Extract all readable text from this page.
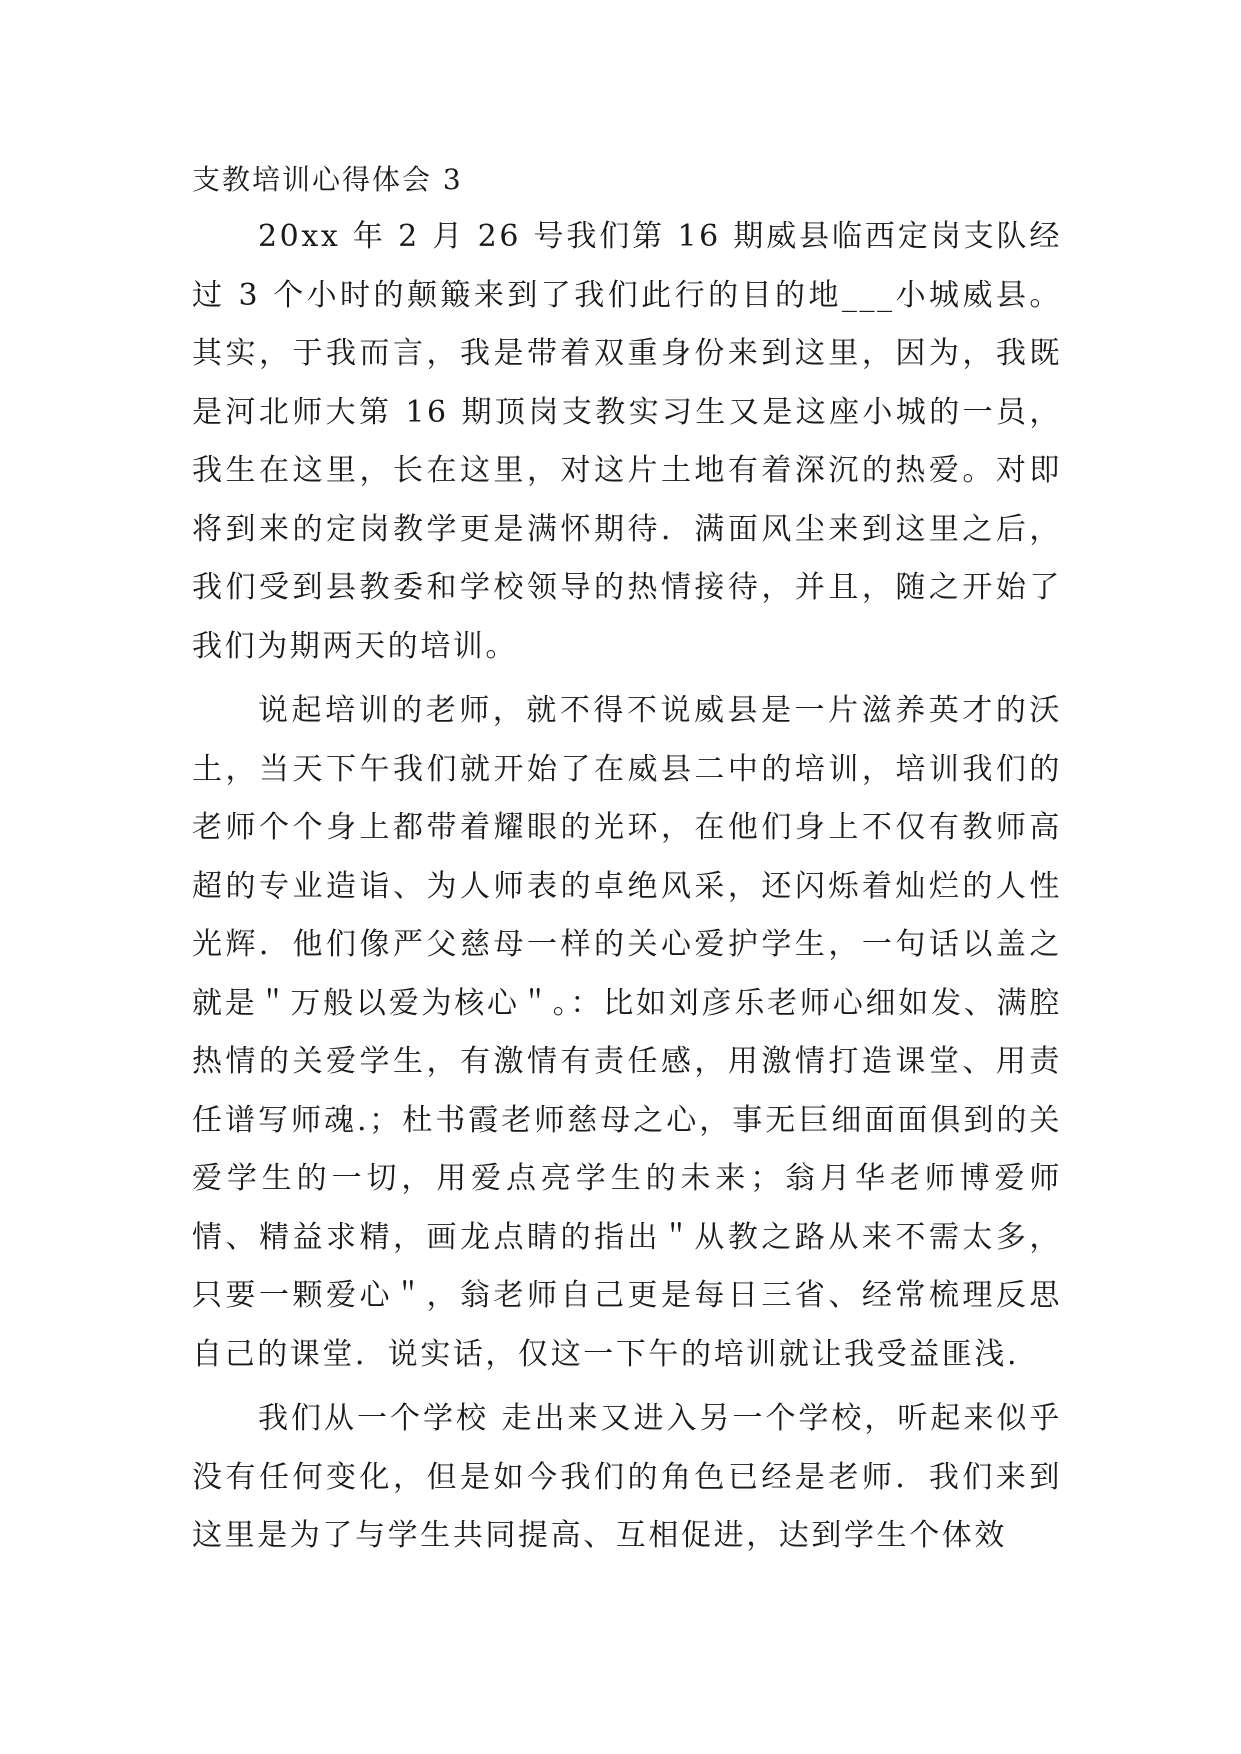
支教培训心得体会 3

20xx 年 2 月 26 号我们第 16 期威县临西定岗支队经过 3 个小时的颠簸来到了我们此行的目的地___小城威县。其实，于我而言，我是带着双重身份来到这里，因为，我既是河北师大第 16 期顶岗支教实习生又是这座小城的一员，我生在这里，长在这里，对这片土地有着深沉的热爱。对即将到来的定岗教学更是满怀期待．满面风尘来到这里之后，我们受到县教委和学校领导的热情接待，并且，随之开始了我们为期两天的培训。

说起培训的老师，就不得不说威县是一片滋养英才的沃土，当天下午我们就开始了在威县二中的培训，培训我们的老师个个身上都带着耀眼的光环，在他们身上不仅有教师高超的专业造诣、为人师表的卓绝风采，还闪烁着灿烂的人性光辉．他们像严父慈母一样的关心爱护学生，一句话以盖之就是＂万般以爱为核心＂。：比如刘彦乐老师心细如发、满腔热情的关爱学生，有激情有责任感，用激情打造课堂、用责任谱写师魂.；杜书霞老师慈母之心，事无巨细面面俱到的关爱学生的一切，用爱点亮学生的未来；翁月华老师博爱师情、精益求精，画龙点睛的指出＂从教之路从来不需太多，只要一颗爱心＂，翁老师自己更是每日三省、经常梳理反思自己的课堂．说实话，仅这一下午的培训就让我受益匪浅.

我们从一个学校 走出来又进入另一个学校，听起来似乎没有任何变化，但是如今我们的角色已经是老师．我们来到这里是为了与学生共同提高、互相促进，达到学生个体效
